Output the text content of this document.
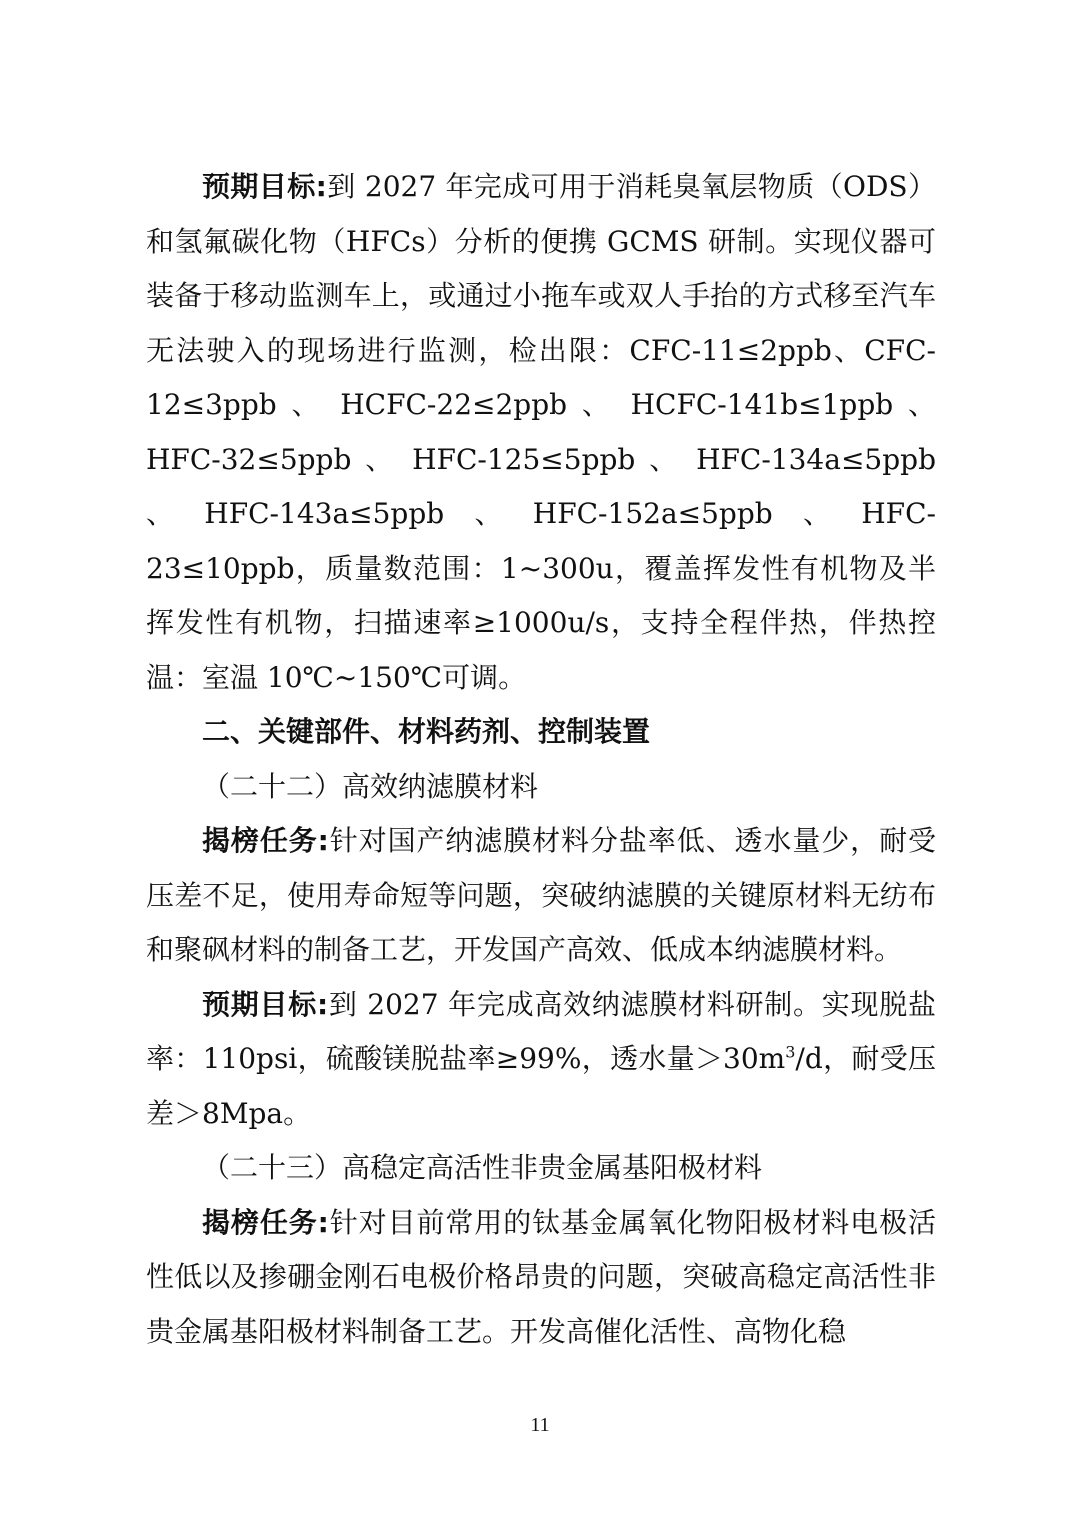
预期目标:到 2027 年完成可用于消耗臭氧层物质（ODS）和氢氟碳化物（HFCs）分析的便携 GCMS 研制。实现仪器可装备于移动监测车上，或通过小拖车或双人手抬的方式移至汽车无法驶入的现场进行监测，检出限：CFC-11≤2ppb、CFC-12≤3ppb 、 HCFC-22≤2ppb 、 HCFC-141b≤1ppb 、HFC-32≤5ppb 、 HFC-125≤5ppb 、 HFC-134a≤5ppb 、HFC-143a≤5ppb、HFC-152a≤5ppb、HFC-23≤10ppb，质量数范围：1~300u，覆盖挥发性有机物及半挥发性有机物，扫描速率≥1000u/s，支持全程伴热，伴热控温：室温 10℃~150℃可调。

二、关键部件、材料药剂、控制装置

（二十二）高效纳滤膜材料

揭榜任务:针对国产纳滤膜材料分盐率低、透水量少，耐受压差不足，使用寿命短等问题，突破纳滤膜的关键原材料无纺布和聚砜材料的制备工艺，开发国产高效、低成本纳滤膜材料。

预期目标:到 2027 年完成高效纳滤膜材料研制。实现脱盐率：110psi，硫酸镁脱盐率≥99%，透水量$>30m^3/d$，耐受压差＞8Mpa。

（二十三）高稳定高活性非贵金属基阳极材料

揭榜任务:针对目前常用的钛基金属氧化物阳极材料电极活性低以及掺硼金刚石电极价格昂贵的问题，突破高稳定高活性非贵金属基阳极材料制备工艺。开发高催化活性、高物化稳

11
